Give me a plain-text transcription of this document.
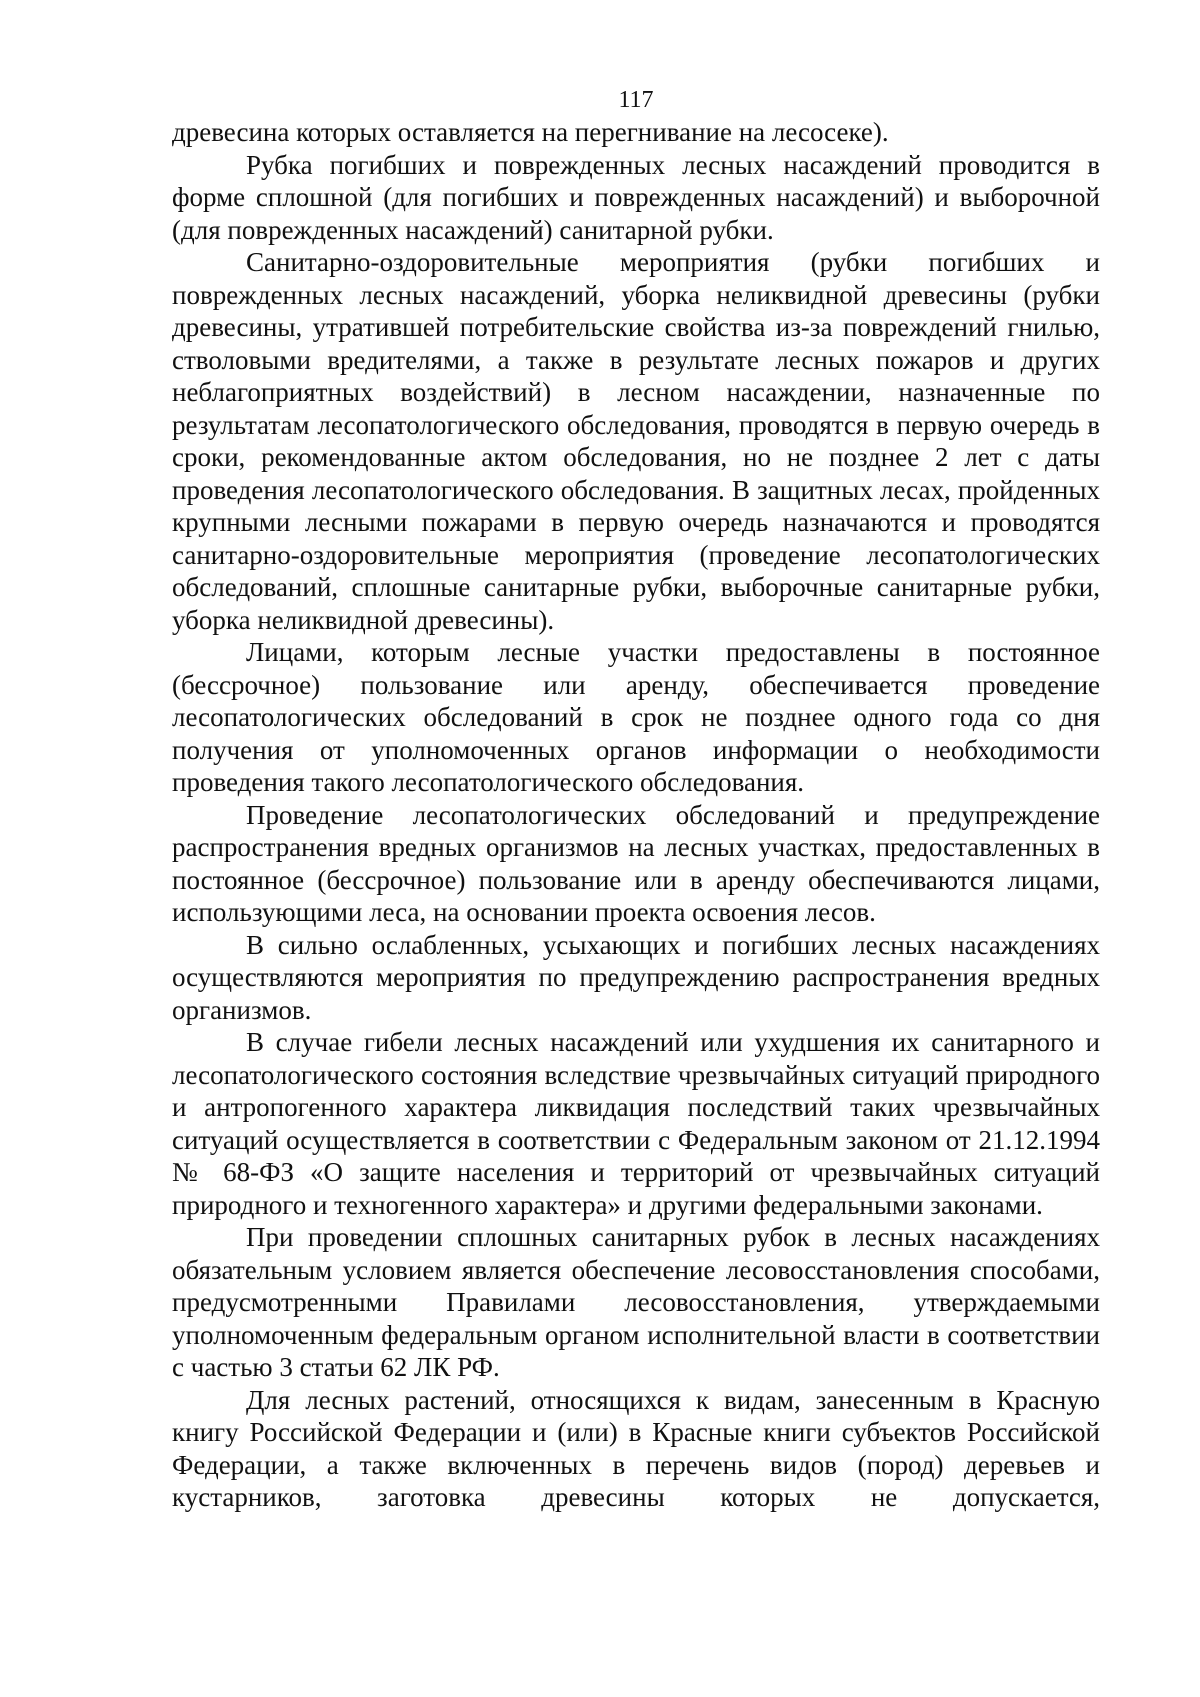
117

древесина которых оставляется на перегнивание на лесосеке).

Рубка погибших и поврежденных лесных насаждений проводится в форме сплошной (для погибших и поврежденных насаждений) и выборочной (для поврежденных насаждений) санитарной рубки.

Санитарно-оздоровительные мероприятия (рубки погибших и поврежденных лесных насаждений, уборка неликвидной древесины (рубки древесины, утратившей потребительские свойства из-за повреждений гнилью, стволовыми вредителями, а также в результате лесных пожаров и других неблагоприятных воздействий) в лесном насаждении, назначенные по результатам лесопатологического обследования, проводятся в первую очередь в сроки, рекомендованные актом обследования, но не позднее 2 лет с даты проведения лесопатологического обследования. В защитных лесах, пройденных крупными лесными пожарами в первую очередь назначаются и проводятся санитарно-оздоровительные мероприятия (проведение лесопатологических обследований, сплошные санитарные рубки, выборочные санитарные рубки, уборка неликвидной древесины).

Лицами, которым лесные участки предоставлены в постоянное (бессрочное) пользование или аренду, обеспечивается проведение лесопатологических обследований в срок не позднее одного года со дня получения от уполномоченных органов информации о необходимости проведения такого лесопатологического обследования.

Проведение лесопатологических обследований и предупреждение распространения вредных организмов на лесных участках, предоставленных в постоянное (бессрочное) пользование или в аренду обеспечиваются лицами, использующими леса, на основании проекта освоения лесов.

В сильно ослабленных, усыхающих и погибших лесных насаждениях осуществляются мероприятия по предупреждению распространения вредных организмов.

В случае гибели лесных насаждений или ухудшения их санитарного и лесопатологического состояния вследствие чрезвычайных ситуаций природного и антропогенного характера ликвидация последствий таких чрезвычайных ситуаций осуществляется в соответствии с Федеральным законом от 21.12.1994 № 68-ФЗ «О защите населения и территорий от чрезвычайных ситуаций природного и техногенного характера» и другими федеральными законами.

При проведении сплошных санитарных рубок в лесных насаждениях обязательным условием является обеспечение лесовосстановления способами, предусмотренными Правилами лесовосстановления, утверждаемыми уполномоченным федеральным органом исполнительной власти в соответствии с частью 3 статьи 62 ЛК РФ.

Для лесных растений, относящихся к видам, занесенным в Красную книгу Российской Федерации и (или) в Красные книги субъектов Российской Федерации, а также включенных в перечень видов (пород) деревьев и кустарников, заготовка древесины которых не допускается,
